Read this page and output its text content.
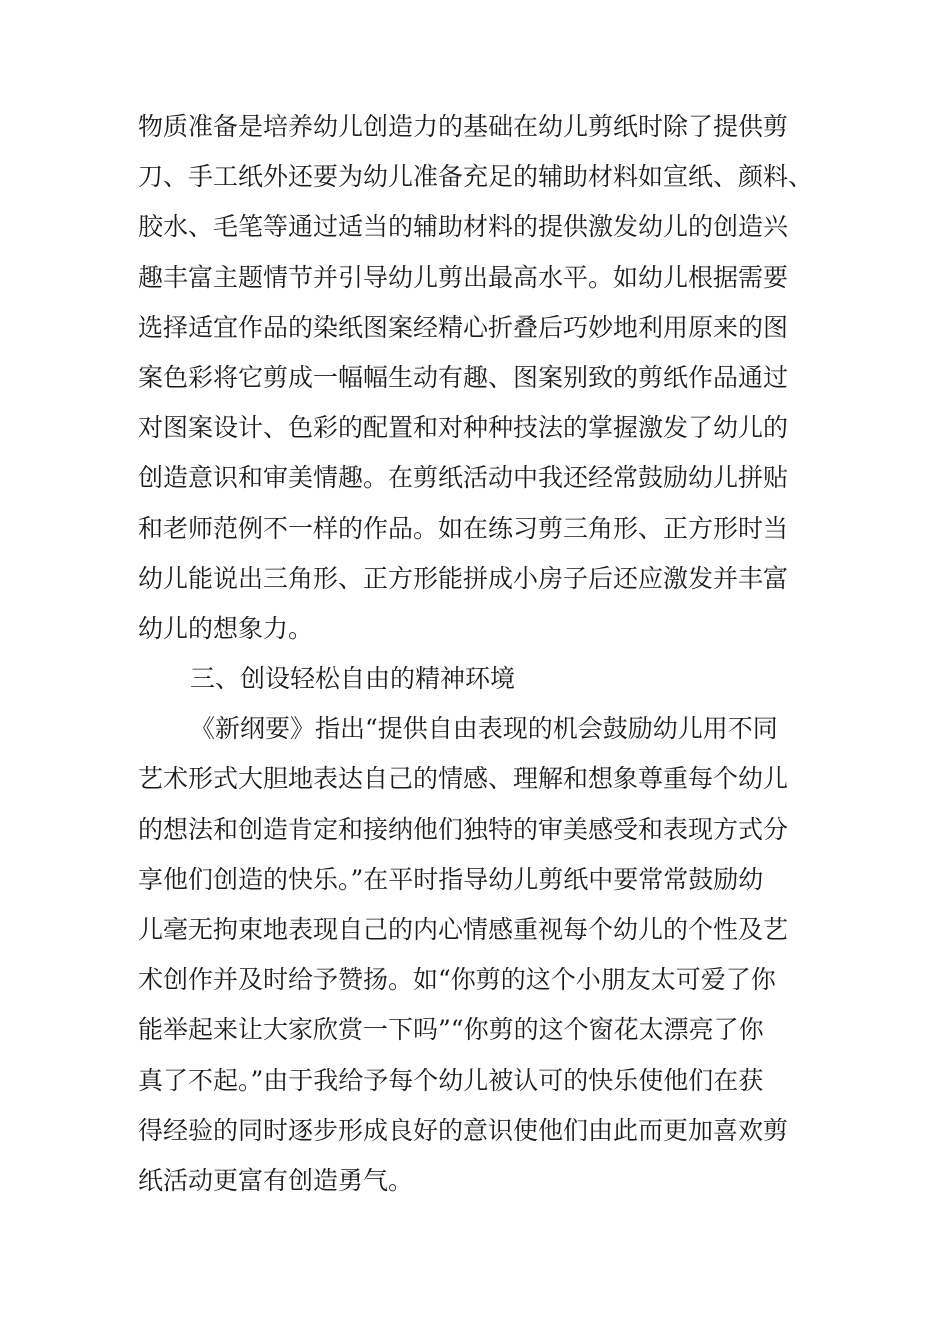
物质准备是培养幼儿创造力的基础在幼儿剪纸时除了提供剪
刀、手工纸外还要为幼儿准备充足的辅助材料如宣纸、颜料、
胶水、毛笔等通过适当的辅助材料的提供激发幼儿的创造兴
趣丰富主题情节并引导幼儿剪出最高水平。如幼儿根据需要
选择适宜作品的染纸图案经精心折叠后巧妙地利用原来的图
案色彩将它剪成一幅幅生动有趣、图案别致的剪纸作品通过
对图案设计、色彩的配置和对种种技法的掌握激发了幼儿的
创造意识和审美情趣。在剪纸活动中我还经常鼓励幼儿拼贴
和老师范例不一样的作品。如在练习剪三角形、正方形时当
幼儿能说出三角形、正方形能拼成小房子后还应激发并丰富
幼儿的想象力。
三、创设轻松自由的精神环境
《新纲要》指出“提供自由表现的机会鼓励幼儿用不同
艺术形式大胆地表达自己的情感、理解和想象尊重每个幼儿
的想法和创造肯定和接纳他们独特的审美感受和表现方式分
享他们创造的快乐。”在平时指导幼儿剪纸中要常常鼓励幼
儿毫无拘束地表现自己的内心情感重视每个幼儿的个性及艺
术创作并及时给予赞扬。如“你剪的这个小朋友太可爱了你
能举起来让大家欣赏一下吗”“你剪的这个窗花太漂亮了你
真了不起。”由于我给予每个幼儿被认可的快乐使他们在获
得经验的同时逐步形成良好的意识使他们由此而更加喜欢剪
纸活动更富有创造勇气。
